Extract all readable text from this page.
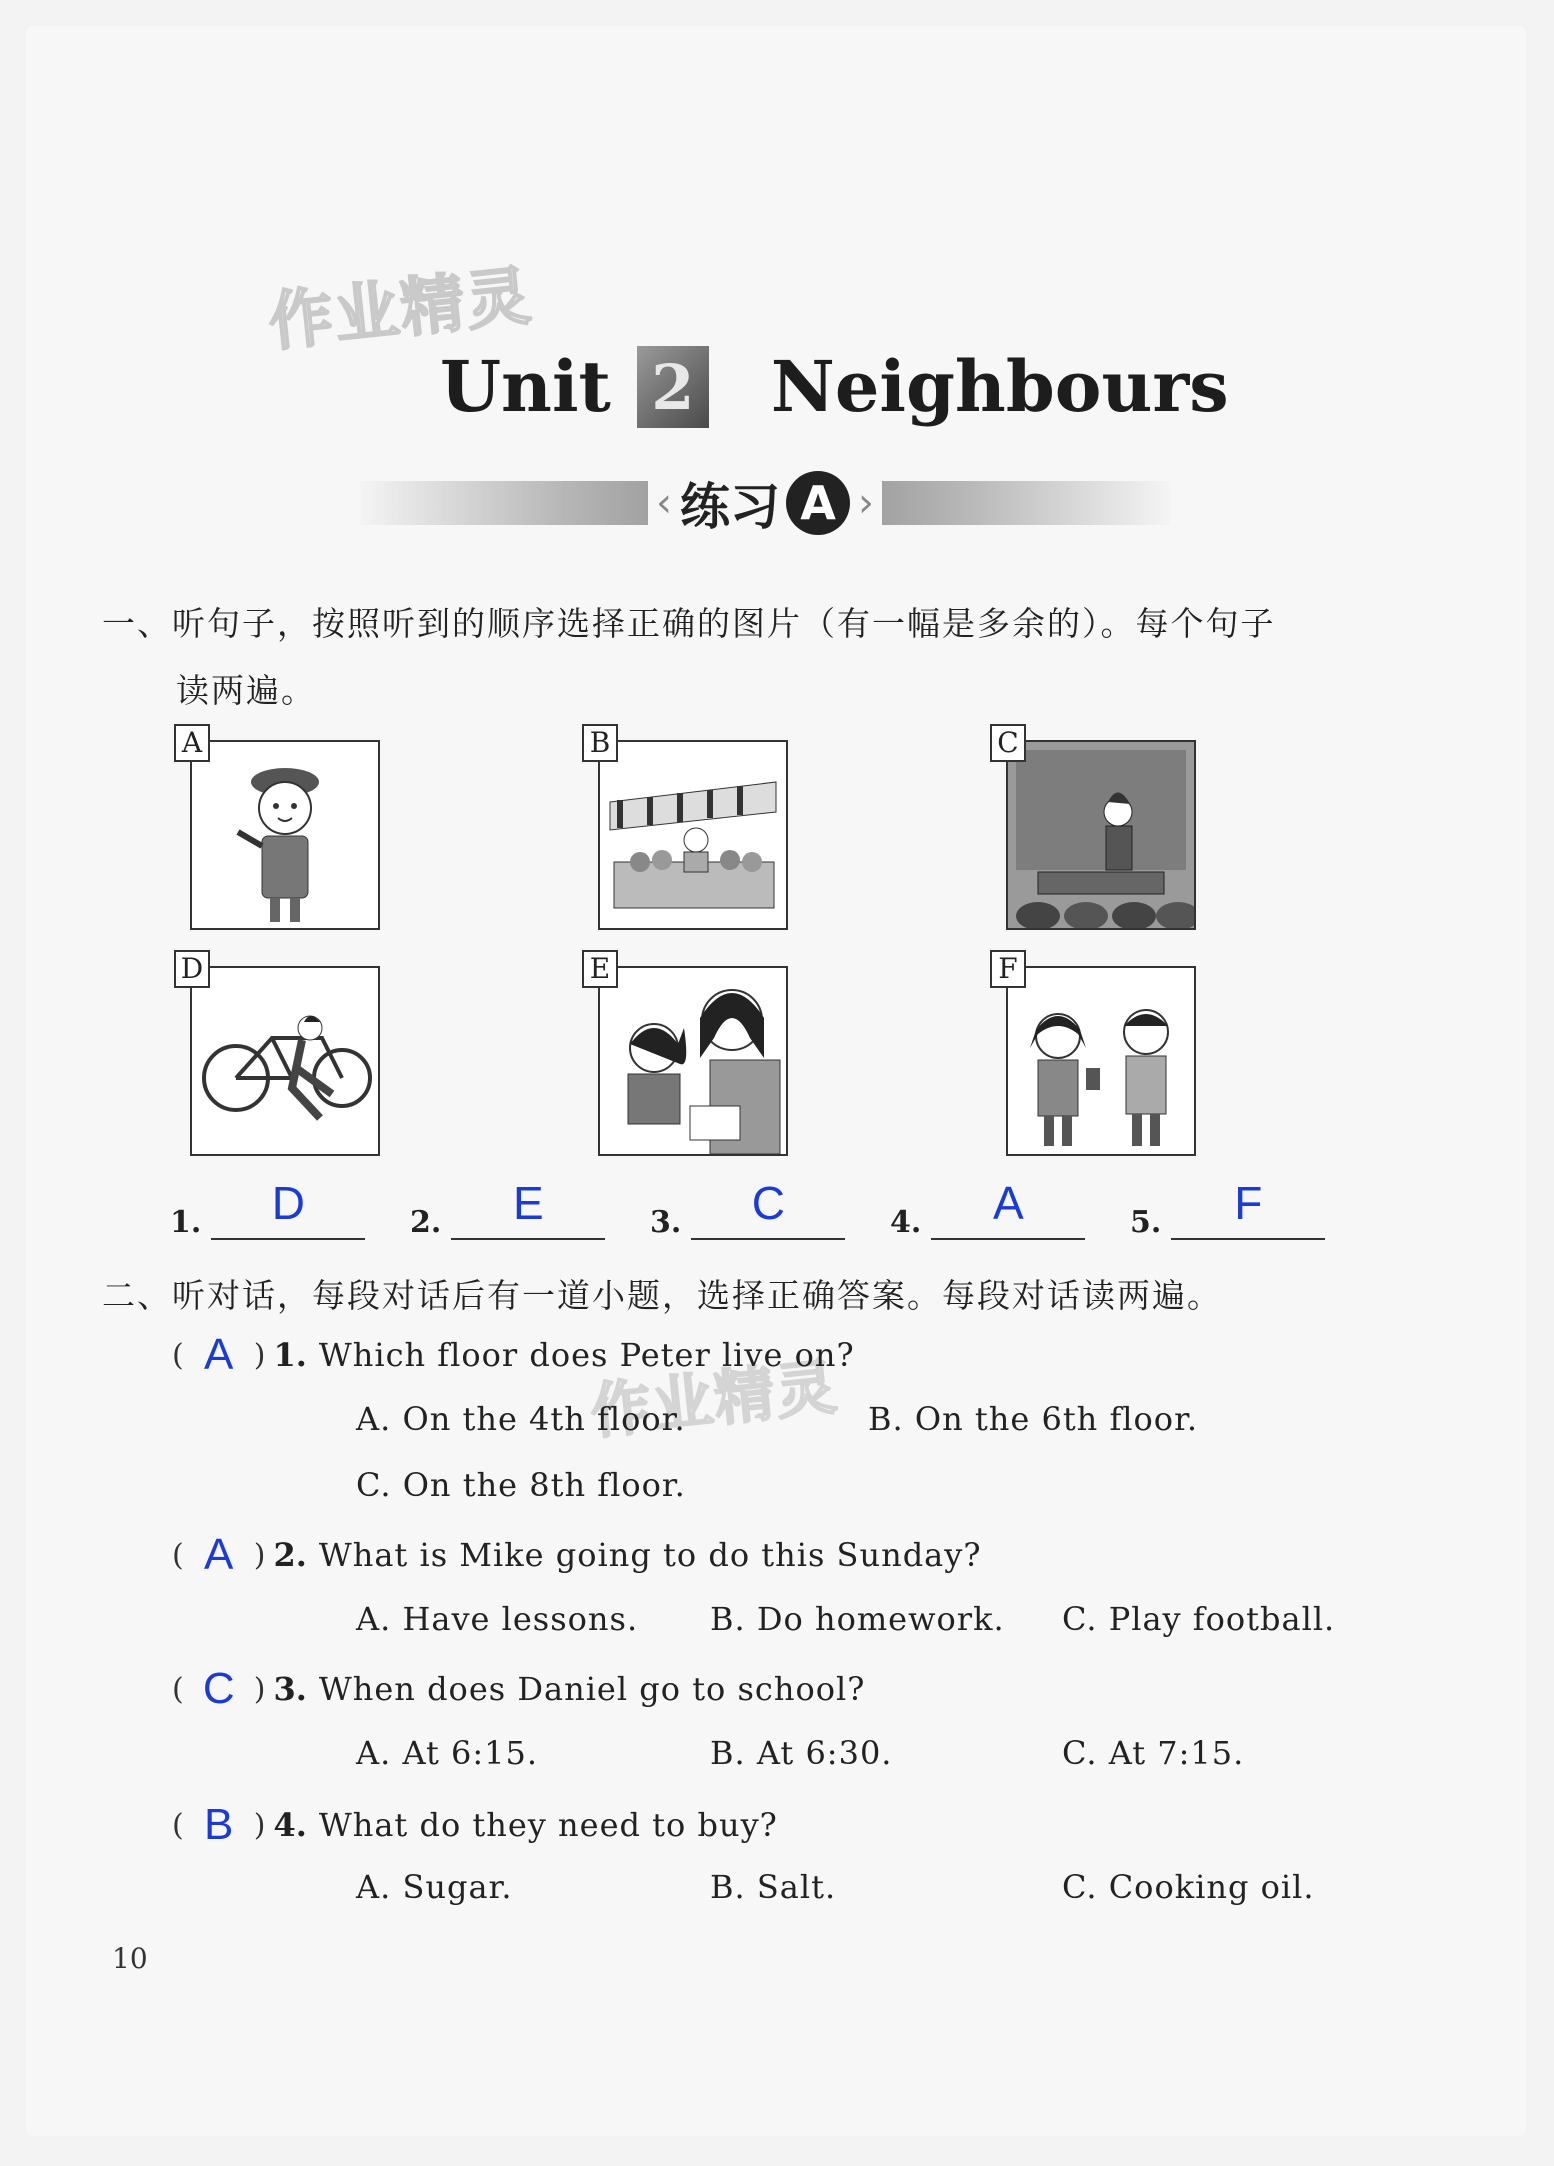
作业精灵
作业精灵
Unit 2 Neighbours
‹ 练习 A ›
一、听句子，按照听到的顺序选择正确的图片（有一幅是多余的）。每个句子
读两遍。
A	B	C
D	E	F
1.	D	2.	E	3.	C	4.	A	5.	F
二、听对话，每段对话后有一道小题，选择正确答案。每段对话读两遍。
( A ) 1. Which floor does Peter live on?
A. On the 4th floor.	B. On the 6th floor.
C. On the 8th floor.
( A ) 2. What is Mike going to do this Sunday?
A. Have lessons. B. Do homework. C. Play football.
( C ) 3. When does Daniel go to school?
A. At 6:15.	B. At 6:30.	C. At 7:15.
( B ) 4. What do they need to buy?
A. Sugar.	B. Salt.	C. Cooking oil.
10
